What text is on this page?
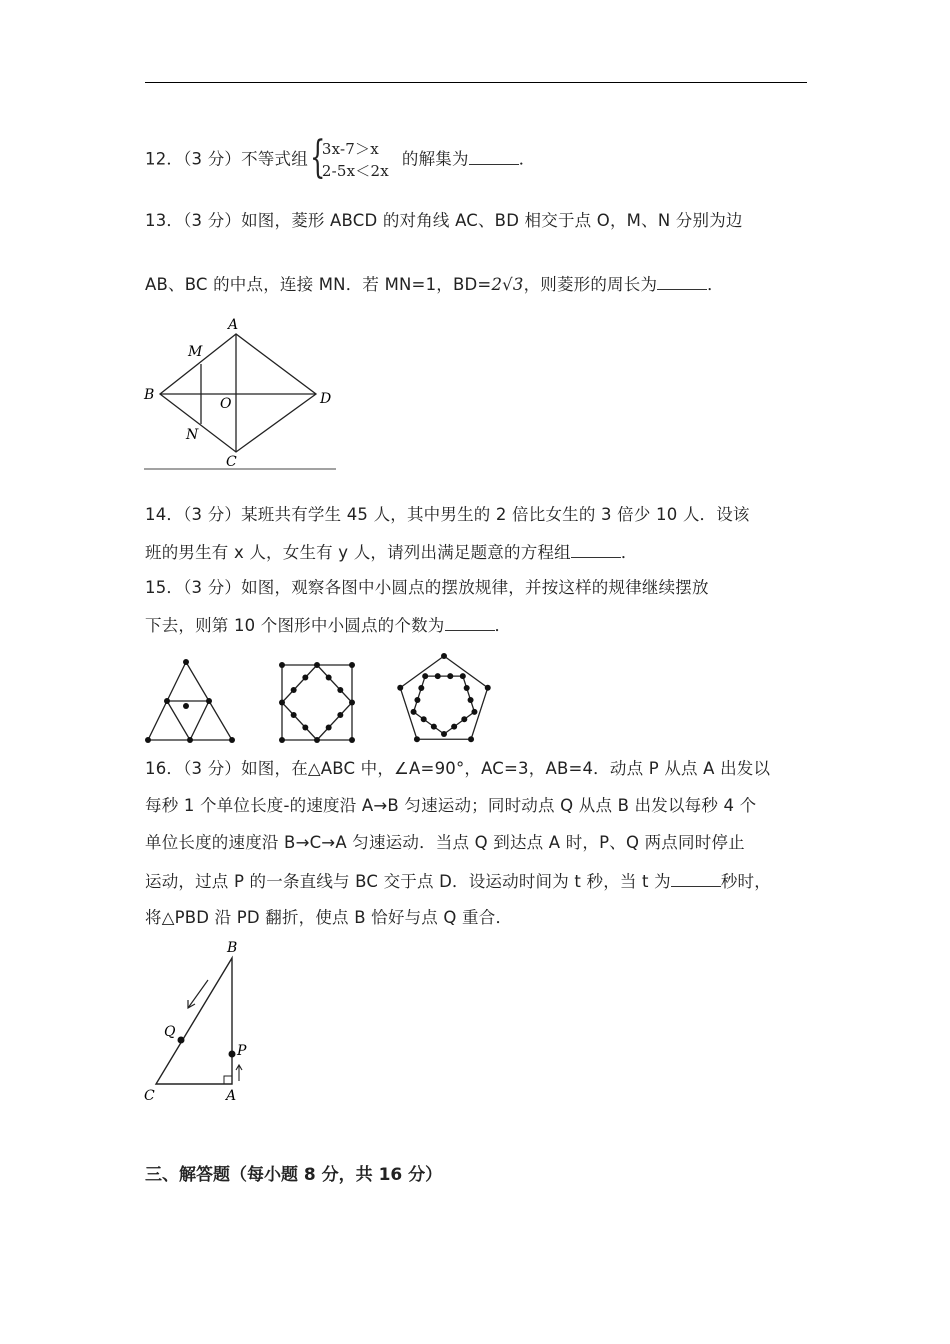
12．（3 分）不等式组 {
3x-7＞x
2-5x＜2x
的解集为	．
13．（3 分）如图，菱形 ABCD 的对角线 AC、BD 相交于点 O，M、N 分别为边
AB、BC 的中点，连接 MN．若 MN=1，BD=2√3，则菱形的周长为	．
A
M
B
O	D
N
C
14．（3 分）某班共有学生 45 人，其中男生的 2 倍比女生的 3 倍少 10 人．设该
班的男生有 x 人，女生有 y 人，请列出满足题意的方程组	．
15．（3 分）如图，观察各图中小圆点的摆放规律，并按这样的规律继续摆放
下去，则第 10 个图形中小圆点的个数为	．
16．（3 分）如图，在△ABC 中，∠A=90°，AC=3，AB=4．动点 P 从点 A 出发以
每秒 1 个单位长度-的速度沿 A→B 匀速运动；同时动点 Q 从点 B 出发以每秒 4 个
单位长度的速度沿 B→C→A 匀速运动．当点 Q 到达点 A 时，P、Q 两点同时停止
运动，过点 P 的一条直线与 BC 交于点 D．设运动时间为 t 秒，当 t 为	秒时，
将△PBD 沿 PD 翻折，使点 B 恰好与点 Q 重合．
B
Q
P
C	A
三、解答题（每小题 8 分，共 16 分）
